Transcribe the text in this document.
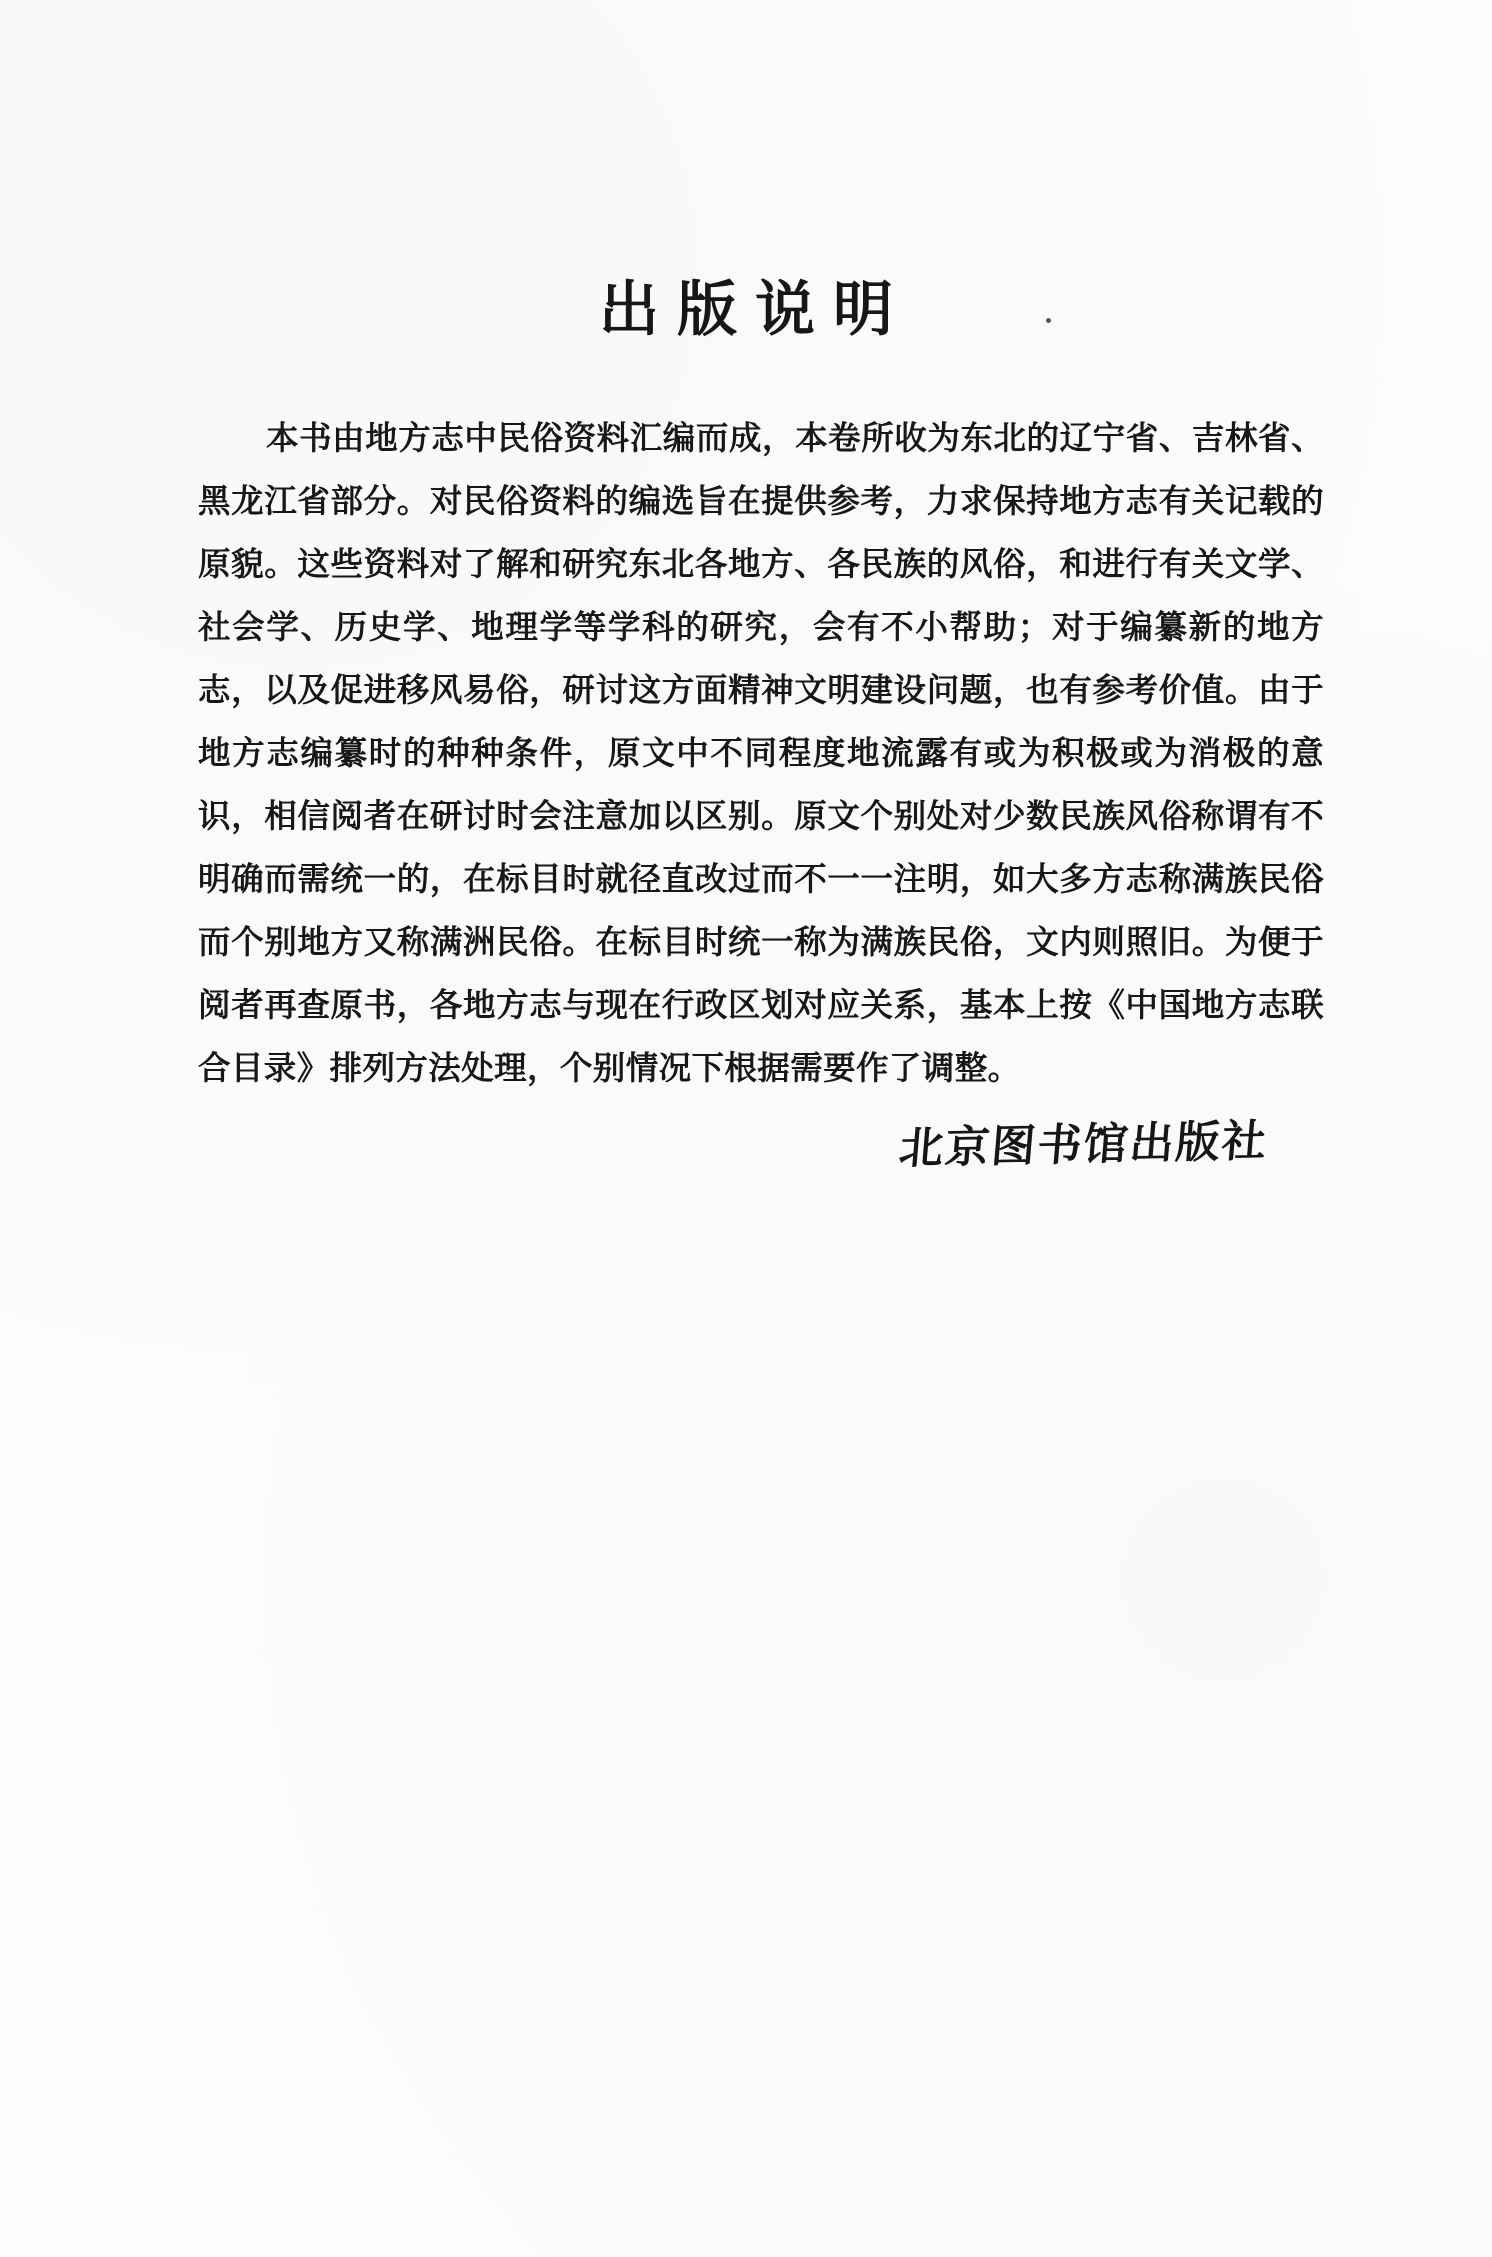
出版说明
本书由地方志中民俗资料汇编而成，本卷所收为东北的辽宁省、吉林省、黑龙江省部分。对民俗资料的编选旨在提供参考，力求保持地方志有关记载的原貌。这些资料对了解和研究东北各地方、各民族的风俗，和进行有关文学、社会学、历史学、地理学等学科的研究，会有不小帮助；对于编纂新的地方志，以及促进移风易俗，研讨这方面精神文明建设问题，也有参考价值。由于地方志编纂时的种种条件，原文中不同程度地流露有或为积极或为消极的意识，相信阅者在研讨时会注意加以区别。原文个别处对少数民族风俗称谓有不明确而需统一的，在标目时就径直改过而不一一注明，如大多方志称满族民俗而个别地方又称满洲民俗。在标目时统一称为满族民俗，文内则照旧。为便于阅者再查原书，各地方志与现在行政区划对应关系，基本上按《中国地方志联合目录》排列方法处理，个别情况下根据需要作了调整。
北京图书馆出版社
